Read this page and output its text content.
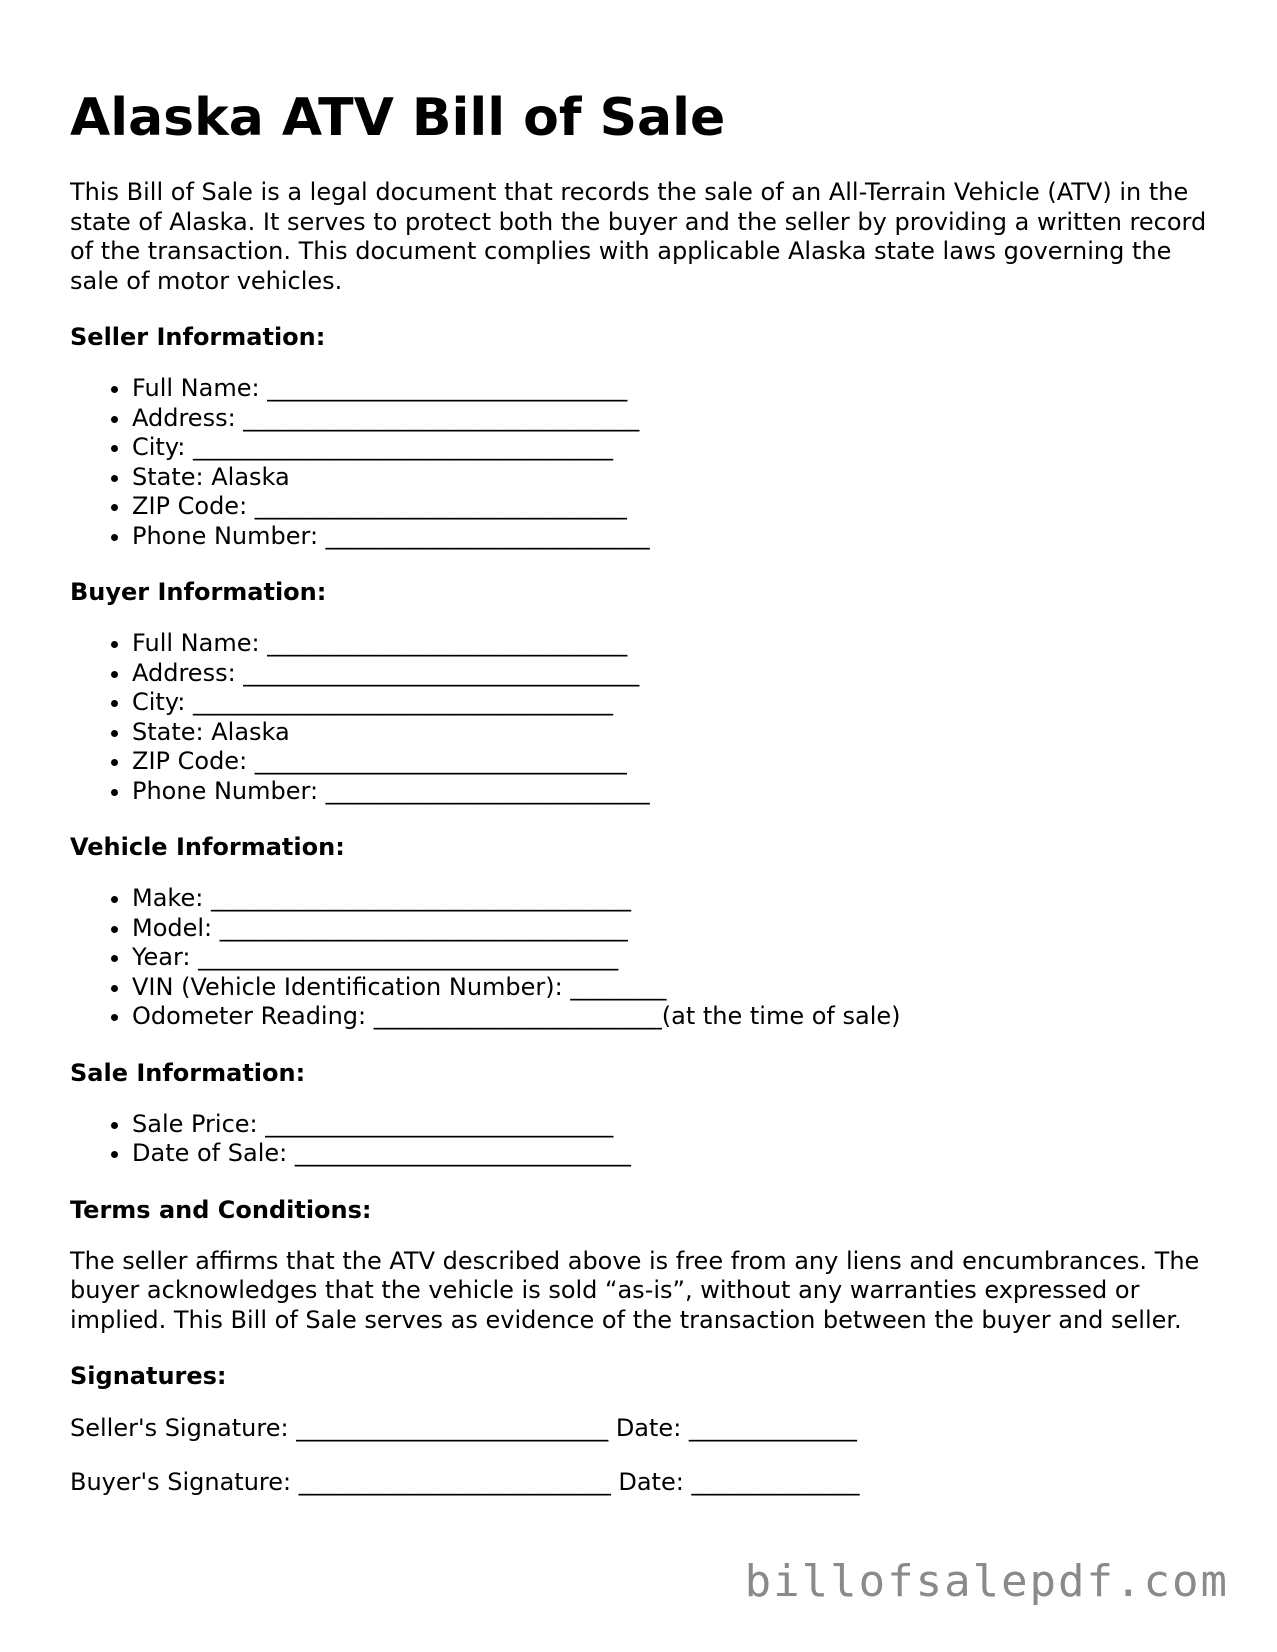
Alaska ATV Bill of Sale

This Bill of Sale is a legal document that records the sale of an All-Terrain Vehicle (ATV) in the state of Alaska. It serves to protect both the buyer and the seller by providing a written record of the transaction. This document complies with applicable Alaska state laws governing the sale of motor vehicles.

Seller Information:
• Full Name: ______________________________
• Address: _________________________________
• City: ___________________________________
• State: Alaska
• ZIP Code: _______________________________
• Phone Number: ___________________________
Buyer Information:
• Full Name: ______________________________
• Address: _________________________________
• City: ___________________________________
• State: Alaska
• ZIP Code: _______________________________
• Phone Number: ___________________________
Vehicle Information:
• Make: ___________________________________
• Model: __________________________________
• Year: ___________________________________
• VIN (Vehicle Identification Number): ________
• Odometer Reading: ________________________(at the time of sale)
Sale Information:
• Sale Price: _____________________________
• Date of Sale: ____________________________
Terms and Conditions:

The seller affirms that the ATV described above is free from any liens and encumbrances. The buyer acknowledges that the vehicle is sold “as-is”, without any warranties expressed or implied. This Bill of Sale serves as evidence of the transaction between the buyer and seller.

Signatures:
Seller's Signature: __________________________ Date: ______________
Buyer's Signature: __________________________ Date: ______________
billofsalepdf.com
